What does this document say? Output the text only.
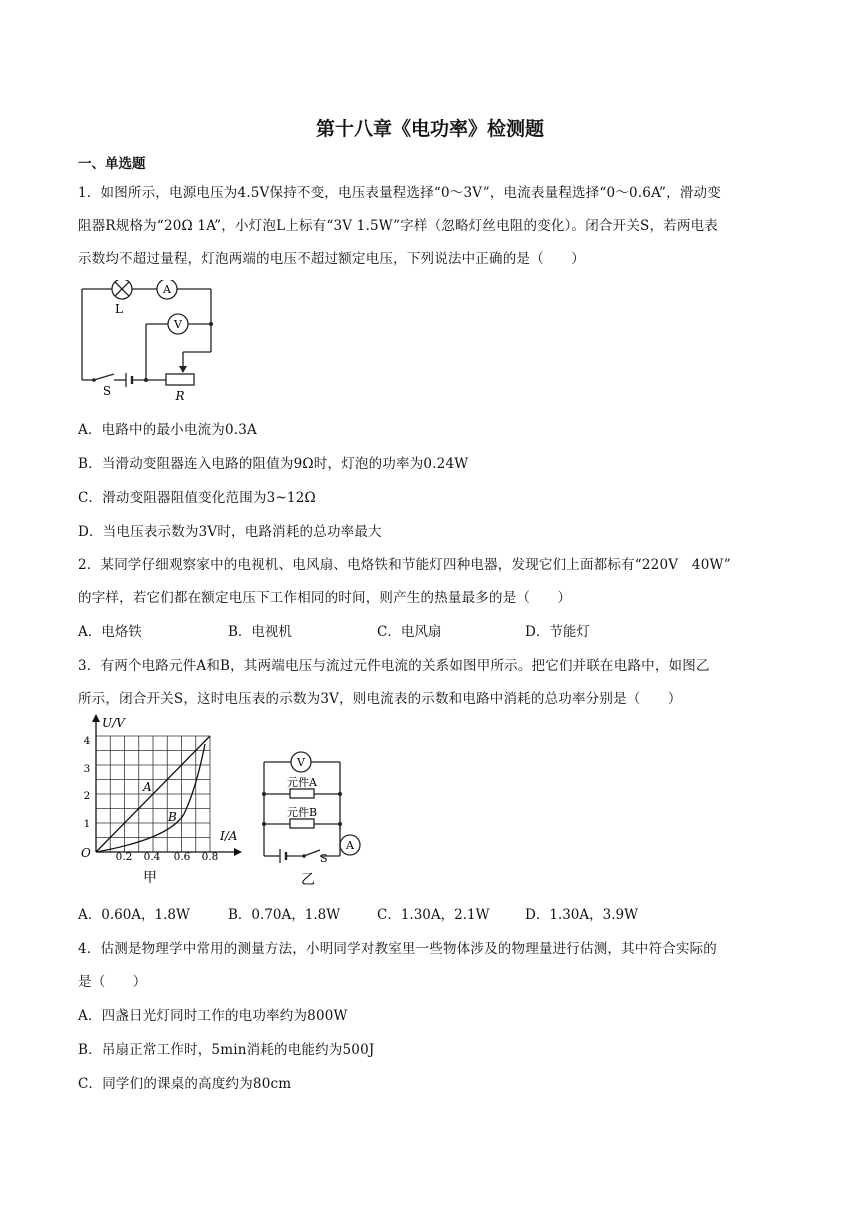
第十八章《电功率》检测题
一、单选题
1．如图所示，电源电压为4.5V保持不变，电压表量程选择“0～3V”，电流表量程选择“0～0.6A”，滑动变
阻器R规格为“20Ω 1A”，小灯泡L上标有“3V 1.5W”字样（忽略灯丝电阻的变化）。闭合开关S，若两电表
示数均不超过量程，灯泡两端的电压不超过额定电压，下列说法中正确的是（　　）
A
V
L
S	R
A．电路中的最小电流为0.3A
B．当滑动变阻器连入电路的阻值为9Ω时，灯泡的功率为0.24W
C．滑动变阻器阻值变化范围为3~12Ω
D．当电压表示数为3V时，电路消耗的总功率最大
2．某同学仔细观察家中的电视机、电风扇、电烙铁和节能灯四种电器，发现它们上面都标有“220V　40W”
的字样，若它们都在额定电压下工作相同的时间，则产生的热量最多的是（　　）
A．电烙铁	B．电视机	C．电风扇	D．节能灯
3．有两个电路元件A和B，其两端电压与流过元件电流的关系如图甲所示。把它们并联在电路中，如图乙
所示，闭合开关S，这时电压表的示数为3V，则电流表的示数和电路中消耗的总功率分别是（　　）
U/V
I/A
O 0.2 0.4 0.6 0.8
1
2
3
4
A
B
甲
V
A
S
元件A
元件B
乙
A．0.60A，1.8W	B．0.70A，1.8W	C．1.30A，2.1W	D．1.30A，3.9W
4．估测是物理学中常用的测量方法，小明同学对教室里一些物体涉及的物理量进行估测，其中符合实际的
是（　　）
A．四盏日光灯同时工作的电功率约为800W
B．吊扇正常工作时，5min消耗的电能约为500J
C．同学们的课桌的高度约为80cm
